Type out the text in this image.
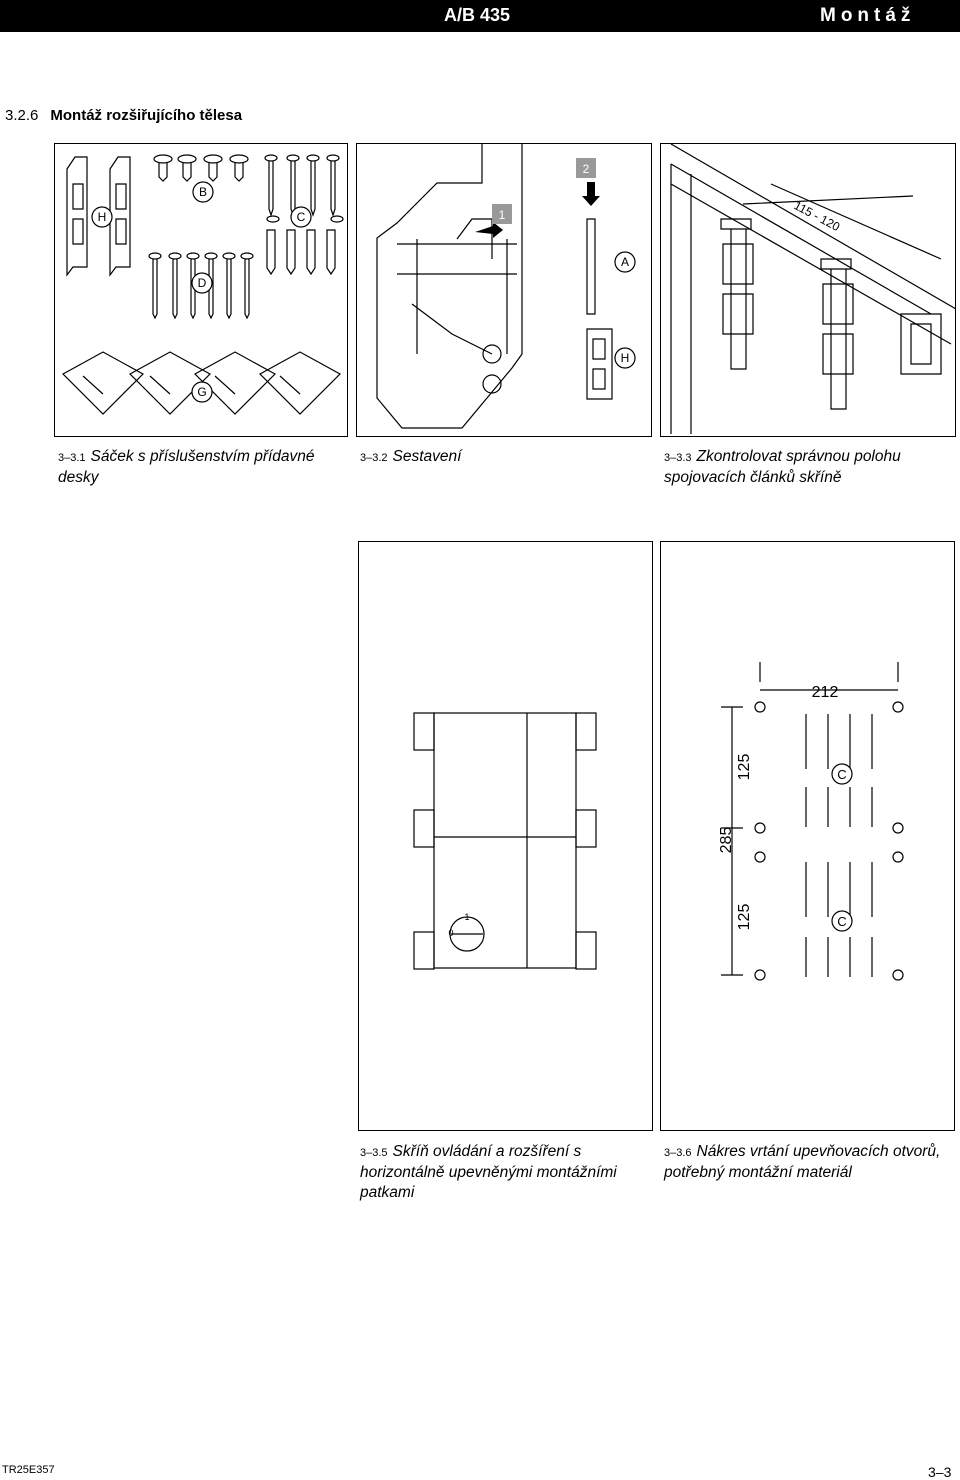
A/B 435	Montáž
3.2.6 Montáž rozšiřujícího tělesa
H
B
C
D
G
3–3.1 Sáček s příslušenstvím přídavné desky
1
2
A
H
3–3.2 Sestavení
115 - 120
3–3.3 Zkontrolovat správnou polohu spojovacích článků skříně
1
0
3–3.5 Skříň ovládání a rozšíření s horizontálně upevněnými montážními patkami
212
285
125
125
C
C
3–3.6 Nákres vrtání upevňovacích otvorů, potřebný montážní materiál
TR25E357	3–3
